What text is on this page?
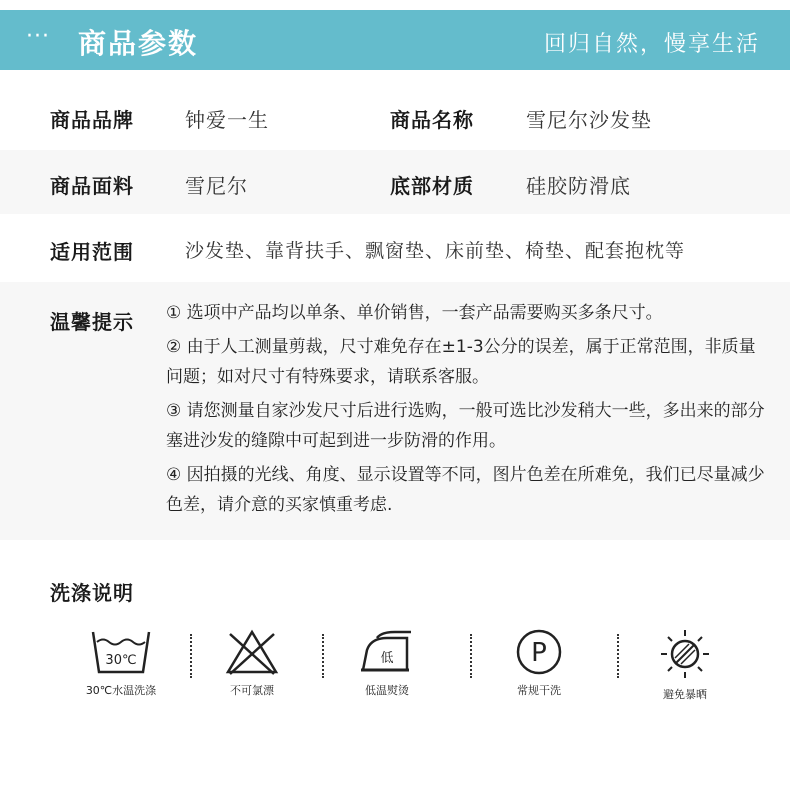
··· 商品参数	回归自然，慢享生活
商品品牌	钟爱一生	商品名称	雪尼尔沙发垫
商品面料	雪尼尔	底部材质	硅胶防滑底
适用范围	沙发垫、靠背扶手、飘窗垫、床前垫、椅垫、配套抱枕等
温馨提示 ① 选项中产品均以单条、单价销售，一套产品需要购买多条尺寸。

② 由于人工测量剪裁，尺寸难免存在±1-3公分的误差，属于正常范围，非质量问题；如对尺寸有特殊要求，请联系客服。

③ 请您测量自家沙发尺寸后进行选购，一般可选比沙发稍大一些，多出来的部分塞进沙发的缝隙中可起到进一步防滑的作用。

④ 因拍摄的光线、角度、显示设置等不同，图片色差在所难免，我们已尽量减少色差，请介意的买家慎重考虑.

洗涤说明
30℃
30℃水温洗涤	不可氯漂
低
低温熨烫
P
常规干洗	避免暴晒
